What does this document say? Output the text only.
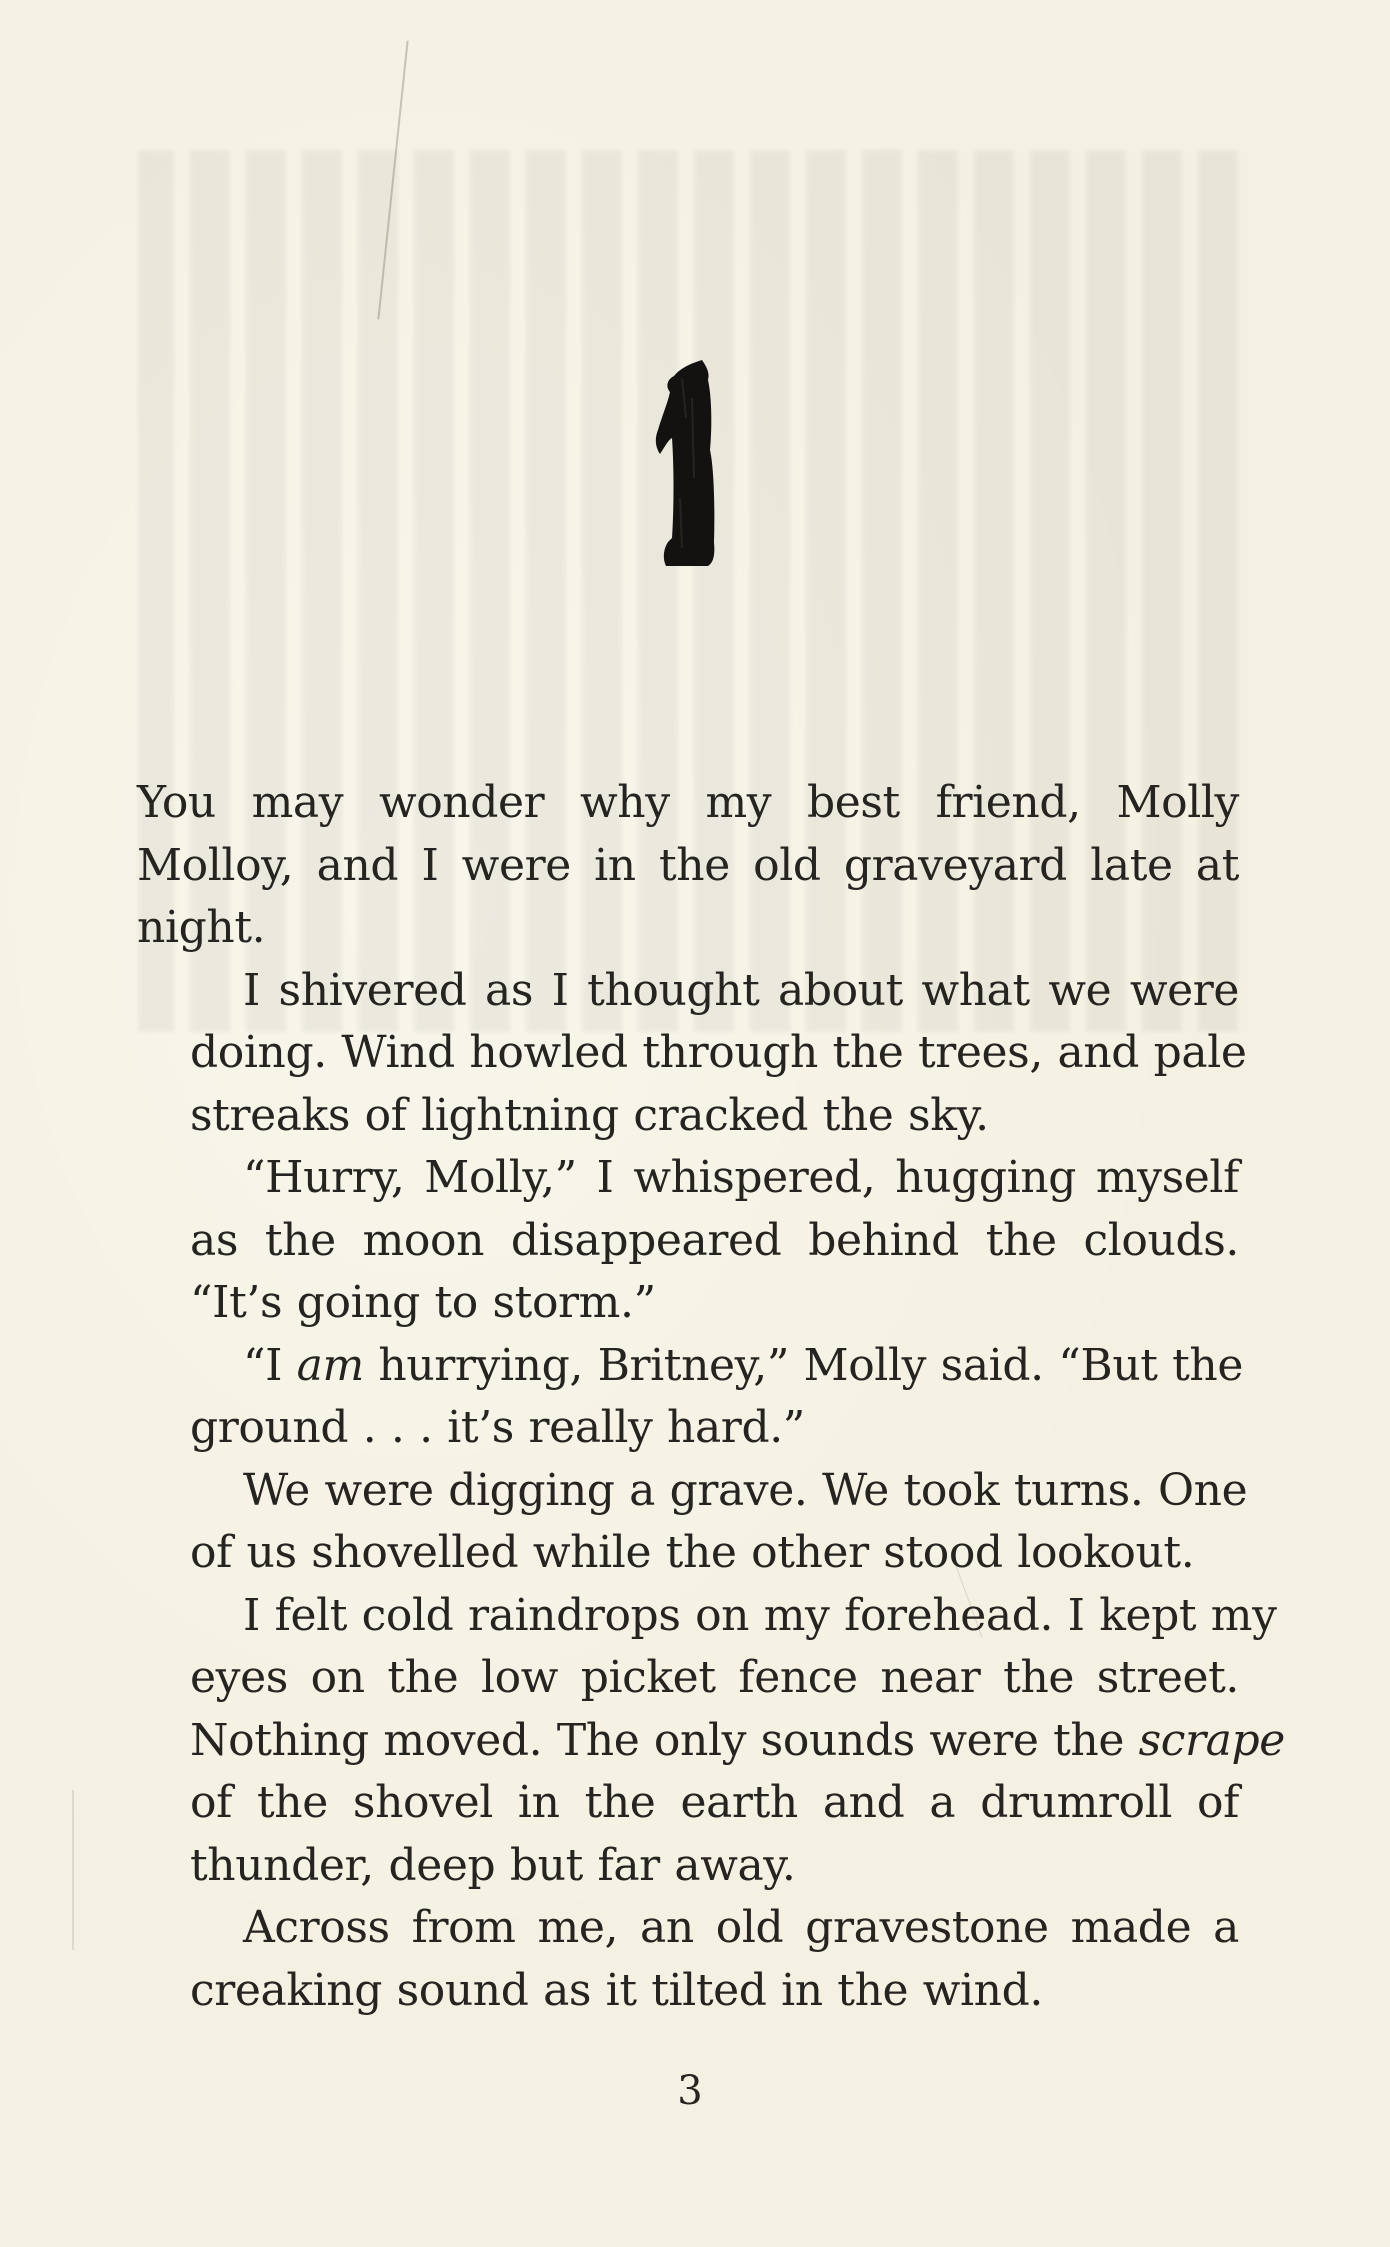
You may wonder why my best friend, Molly
Molloy, and I were in the old graveyard late at
night.
I shivered as I thought about what we were
doing. Wind howled through the trees, and pale
streaks of lightning cracked the sky.
“Hurry, Molly,” I whispered, hugging myself
as the moon disappeared behind the clouds.
“It’s going to storm.”
“I am hurrying, Britney,” Molly said. “But the
ground . . . it’s really hard.”
We were digging a grave. We took turns. One
of us shovelled while the other stood lookout.
I felt cold raindrops on my forehead. I kept my
eyes on the low picket fence near the street.
Nothing moved. The only sounds were the scrape
of the shovel in the earth and a drumroll of
thunder, deep but far away.
Across from me, an old gravestone made a
creaking sound as it tilted in the wind.
3
